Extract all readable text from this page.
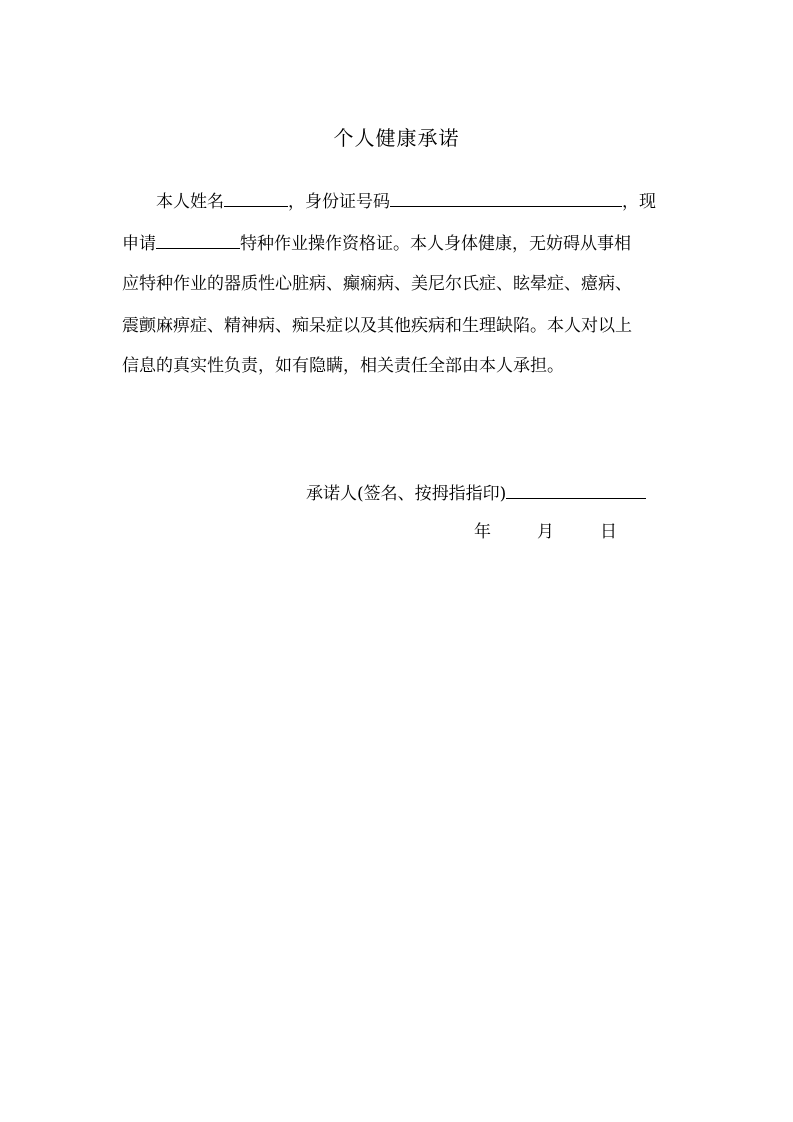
个人健康承诺
本人姓名	，身份证号码	，现
申请	特种作业操作资格证。本人身体健康，无妨碍从事相
应特种作业的器质性心脏病、癫痫病、美尼尔氏症、眩晕症、癔病、
震颤麻痹症、精神病、痴呆症以及其他疾病和生理缺陷。本人对以上
信息的真实性负责，如有隐瞒，相关责任全部由本人承担。
承诺人(签名、按拇指指印)
年	月	日
